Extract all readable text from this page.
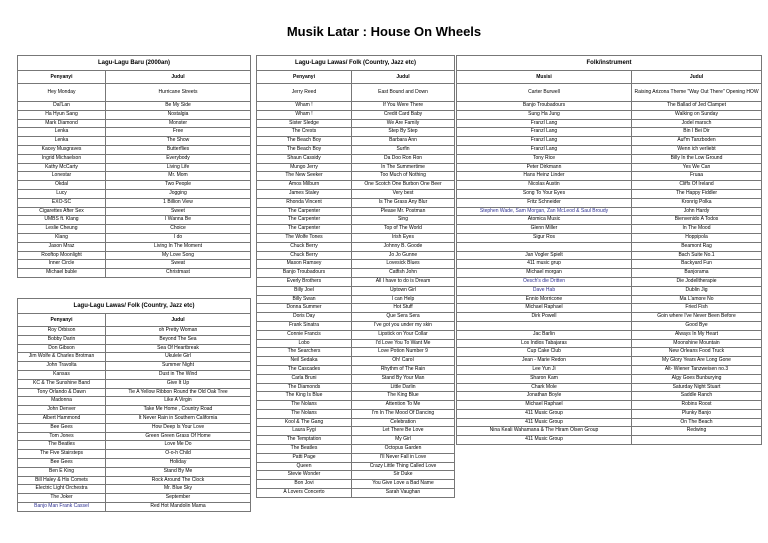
Musik Latar : House On Wheels
Lagu-Lagu Baru (2000an)	
Penyanyi	Judul
Hey Monday	Hurricane Streets
Dal'Lan	Be My Side
Ha Hyun Sang	Nostalgia
Mark Diamond	Monster
Lenka	Free
Lenka	The Show
Kacey Musgraves	Butterflies
Ingrid Michaelson	Everybody
Kathy McCarty	Living Life
Lonestar	Mr. Mom
Okdal	Two People
Lucy	Jogging
EXO-SC	1 Billion View
Cigarettes After Sex	Sweet
UMBS ft. Klang	I Wanna Be
Leslie Cheung	Choice
Klang	I do
Jason Mraz	Living In The Moment
Rooftop Moonlight	My Love Song
Inner Circle	Sweat
Michael buble	Christmast
Lagu-Lagu Lawas/ Folk (Country, Jazz etc)	
Penyanyi	Judul
Roy Orbison	oh Pretty Woman
Bobby Darin	Beyond The Sea
Don Gibson	Sea Of Heartbreak
Jim Wolfe & Charles Brotman	Ukulele Girl
John Travolta	Summer Night
Kansas	Dust in The Wind
KC & The Sunshine Band	Give It Up
Tony Orlando & Dawn	Tie A Yellow Ribbon Round the Old Oak Tree
Madonna	Like A Virgin
John Denver	Take Me Home , Country Road
Albert Hammond	It Never Rain in Southern California
Bee Gees	How Deep Is Your Love
Tom Jones	Green Green Grass Of Home
The Beatles	Love Me Do
The Five Stairsteps	O-o-h Child
Bee Gees	Holiday
Ben E King	Stand By Me
Bill Haley & His Comets	Rock Around The Clock
Electric Light Orchestra	Mr. Blue Sky
The Joker	September
Banjo Man Frank Cassel	Red Hot Mandolin Mama
Lagu-Lagu Lawas/ Folk (Country, Jazz etc)	
Penyanyi	Judul
Jerry Reed	East Bound and Down
Wham !	If You Were There
Wham !	Credit Card Baby
Sister Sledge	We Are Family
The Crests	Step By Step
The Beach Boy	Barbara Ann
The Beach Boy	Surfin
Shaun Cassidy	Da Doo Ron Ron
Mungo Jerry	In The Summertime
The New Seeker	Too Much of Nothing
Amos Milburn	One Scotch One Burbon One Beer
James Staley	Very best
Rhonda Vincent	Is The Grass Any Blur
The Carpenter	Please Mr. Postman
The Carpenter	Sing
The Carpenter	Top of The World
The Wolfe Tones	Irish Eyes
Chuck Berry	Johnny B. Goode
Chuck Berry	Jo Jo Gunne
Mason Ramsey	Lovesick Blues
Banjo Troubadours	Catfish John
Everly Brothers	All I have to do is Dream
Billy Joel	Uptown Girl
Billy Swan	I can Help
Donna Summer	Hot Stuff
Doris Day	Que Sera Sera
Frank Sinatra	I've got you under my skin
Connie Francis	Lipstick on Your Collar
Lobo	I'd Love You To Want Me
The Searchers	Love Potion Number 9
Neil Sedaka	Oh! Carol
The Cascades	Rhythm of The Rain
Carla Bruni	Stand By Your Man
The Diamonds	Little Darlin
The King Is Blue	The King Blue
The Nolans	Attention To Me
The Nolans	I'm In The Mood Of Dancing
Kool & The Gang	Celebration
Laura Fygi	Let There Be Love
The Temptation	My Girl
The Beatles	Octopus Garden
Patti Page	I'll Never Fall in Love
Queen	Crazy Little Thing Called Love
Stevie Wonder	Sir Duke
Bon Jovi	You Give Love a Bad Name
A Lovers Concerto	Sarah Vaughan
Folk/instrument	
Musisi	Judul
Carter Burwell	Raising Arizona Theme "Way Out There" Opening HOW
Banjo Troubadours	The Ballad of Jed Clampet
Sung Ha Jung	Walking on Sunday
Franzl Lang	Jodel marsch
Franzl Lang	Bin I Bei Dir
Franzl Lang	Auf'm Tanzboden
Franzl Lang	Wenn ich verliebt
Tony Rice	Billy In the Low Ground
Peter Dirkmann	Yes We Can
Hans Heinz Linder	Fruaa
Nicolas Austin	Cliffs Of Ireland
Song To Your Eyes	The Happy Fiddler
Fritz Schneider	Kronrig Polka
Stephen Wade, Sam Morgan, Zan McLeod & Saul Broudy	John Hardy
Atomica Music	Bienvenido A Todos
Glenn Miller	In The Mood
Sigur Ros	Hoppipola
	Beamont Rag
Jan Vogler Spielt	Bach Suite No.1
411 music grup	Backyard Fun
Michael morgan	Banjorama
Oesch's die Dritten	Die Jodelltherapie
Dave Hab	Dublin Jig
Ennio Morricone	Ma L'amore No
Michael Raphael	Fried Fish
Dirk Powell	Goin where I've Never Been Before
	Good Bye
Jac Barlin	Always In My Heart
Los Indios Tabajaras	Moonshine Mountain
Cup Cake Club	New Orleans Food Truck
Jean - Marie Redon	My Glory Years Are Long Gone
Lee Yun Ji	Alt- Wiener Tanzweisen no.3
Sharon Kam	Algy Goes Bunburying
Chark Mole	Saturday Night Stuart
Jonathan Boyle	Saddle Ranch
Michael Raphael	Robins Roost
411 Music Group	Plunky Banjo
411 Music Group	On The Beach
Nina Keali Wahamana & The Hiram Olsen Group	Redwing
411 Music Group	
